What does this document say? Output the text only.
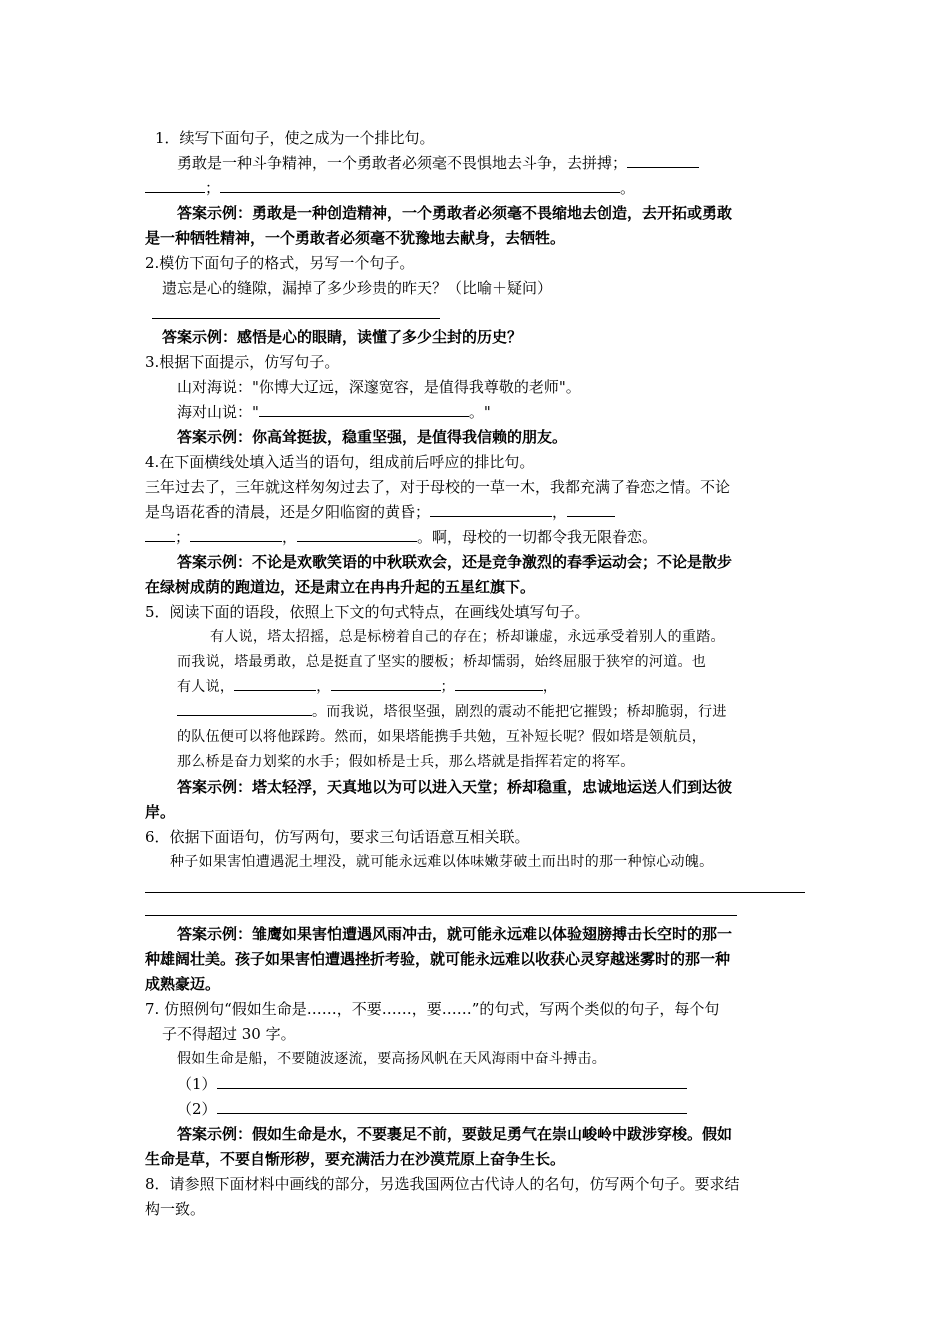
1．续写下面句子，使之成为一个排比句。
勇敢是一种斗争精神，一个勇敢者必须毫不畏惧地去斗争，去拼搏；
；	。
答案示例：勇敢是一种创造精神，一个勇敢者必须毫不畏缩地去创造，去开拓或勇敢
是一种牺牲精神，一个勇敢者必须毫不犹豫地去献身，去牺牲。
2.模仿下面句子的格式，另写一个句子。
遗忘是心的缝隙，漏掉了多少珍贵的昨天？（比喻＋疑问）
答案示例：感悟是心的眼睛，读懂了多少尘封的历史？
3.根据下面提示，仿写句子。
山对海说："你博大辽远，深邃宽容，是值得我尊敬的老师"。
海对山说："	。"
答案示例：你高耸挺拔，稳重坚强，是值得我信赖的朋友。
4.在下面横线处填入适当的语句，组成前后呼应的排比句。
三年过去了，三年就这样匆匆过去了，对于母校的一草一木，我都充满了眷恋之情。不论
是鸟语花香的清晨，还是夕阳临窗的黄昏；	，
；	，	。啊，母校的一切都令我无限眷恋。
答案示例：不论是欢歌笑语的中秋联欢会，还是竞争激烈的春季运动会；不论是散步
在绿树成荫的跑道边，还是肃立在冉冉升起的五星红旗下。
5．阅读下面的语段，依照上下文的句式特点，在画线处填写句子。
有人说，塔太招摇，总是标榜着自己的存在；桥却谦虚，永远承受着别人的重踏。
而我说，塔最勇敢，总是挺直了坚实的腰板；桥却懦弱，始终屈服于狭窄的河道。也
有人说，	，	；	，
。而我说，塔很坚强，剧烈的震动不能把它摧毁；桥却脆弱，行进
的队伍便可以将他踩跨。然而，如果塔能携手共勉，互补短长呢？假如塔是领航员，
那么桥是奋力划桨的水手；假如桥是士兵，那么塔就是指挥若定的将军。
答案示例：塔太轻浮，天真地以为可以进入天堂；桥却稳重，忠诚地运送人们到达彼
岸。
6．依据下面语句，仿写两句，要求三句话语意互相关联。
种子如果害怕遭遇泥土埋没，就可能永远难以体味嫩芽破土而出时的那一种惊心动魄。
答案示例：雏鹰如果害怕遭遇风雨冲击，就可能永远难以体验翅膀搏击长空时的那一
种雄阔壮美。孩子如果害怕遭遇挫折考验，就可能永远难以收获心灵穿越迷雾时的那一种
成熟豪迈。
7. 仿照例句“假如生命是……，不要……，要……”的句式，写两个类似的句子，每个句
子不得超过 30 字。
假如生命是船，不要随波逐流，要高扬风帆在天风海雨中奋斗搏击。
（1）
（2）
答案示例：假如生命是水，不要裹足不前，要鼓足勇气在崇山峻岭中跋涉穿梭。假如
生命是草，不要自惭形秽，要充满活力在沙漠荒原上奋争生长。
8．请参照下面材料中画线的部分，另选我国两位古代诗人的名句，仿写两个句子。要求结
构一致。
